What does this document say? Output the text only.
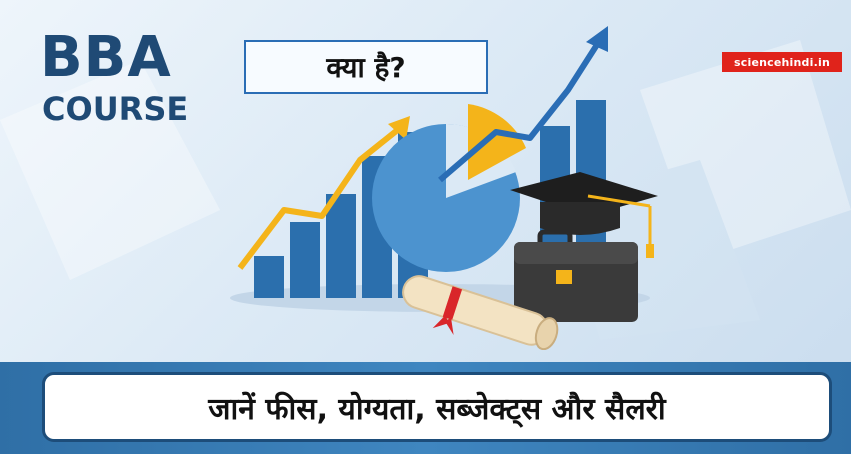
BBA
COURSE
क्या है?	sciencehindi.in
जानें फीस, योग्यता, सब्जेक्ट्स और सैलरी
